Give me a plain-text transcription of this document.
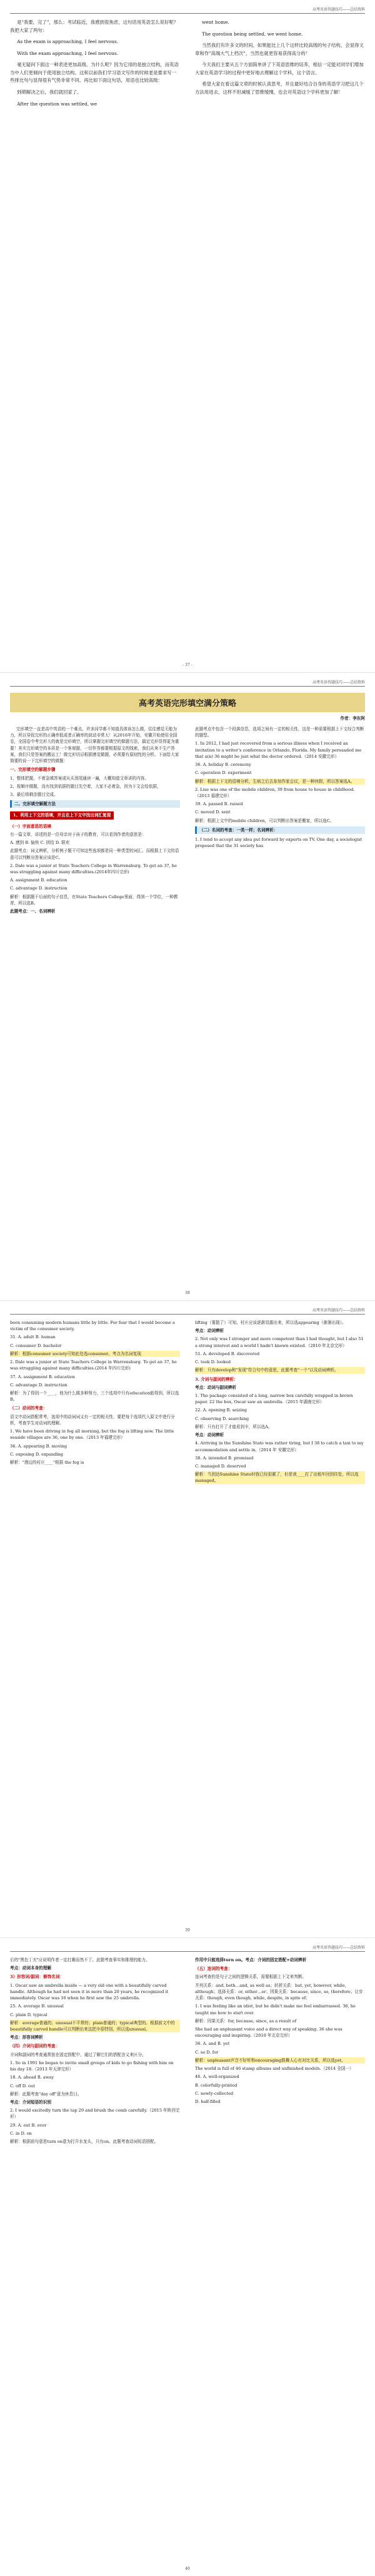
高考英语答题技巧——总结资料

是"我要，完了"，那么：考试临近，我感到很焦虑，这句话用英语怎么说好呢？我把大家了两句：

As the exam is approaching, I feel nervous.

With the exam approaching, I feel nervous.

毫无疑问下面这一种表述更加高级。为什么呢？因为它用的是独立结构，而英语当中人们更倾向于使用独立结构。这和以前我们学习语文写作的时候老是要求写一些排比句与显得很有气势非常不同。再比如下面这句话，用语也比较高级：

到期解决之后，我们就回家了。

After the question was settled, we

went home.

The question being settled, we went home.

当然我们有许多文的时间。如果能比上几个这样比较高级的句子结构，会显得文章和作"高端大气上档次"，当然也就更容易获得高分的！

今天我们主要从五个方面简单讲了下英语思维的培养，相信一定能对同学们增加大家在英语学习的过程中更好地去理解这个学科，这个语言。

希望大家在看这篇文章的时候认真思考，并且最好结合自身的英语学习把这几个方法用进去，这样不但减缓了思维缓慢，也会对英语这个学科更加了解！

- 37 -
高考英语答题技巧——总结资料
高考英语完形填空满分策略
作者：李东阿

完形填空一直是高中英语的一个难点，许多同学都不知道具体该怎么做，往往感觉无能为力，所以导致完形的正确率低或者正确率的波动非常大！从2016年开始，安徽开始使用全国卷，全国卷中考完形大的就是完形填空，所以掌握完形填空的做题方法，搞定完形显得更为重要！其实完形填空的本质是一个客观题，一切作答都要根据原文的线索，我们从来不生产答案，我们只是答案的搬运工！做完形切忌根据感觉做题，必须要有原则性的分析。下面给大家简要的说一下完形填空的做题：

一、完形填空的解题步骤

1、整体把握，不着急填答案或从头到尾通读一遍，大概知道文章讲的内容。

2、按顺序做题，没有找到依据的题目先空着，大家不必着急，因为下文会给依据，

3、最后将剩余题目完成。

二、完形填空解题方法
1、利用上下文的语境，并且在上下文中找出词汇复现
（一）字面意思的语境

有一篇文章，讲述的是一位母亲对于孩子的教育，可以看到作者的意思是：

A. 感到 B. 愉快 C. 团结 D. 联欢

此题考点：词义辨析，分析例子题干可知这些选项都是同一种类型的词汇。而根据上下文的语意可以判断出答案应该是C。

2. Dale was a junior at State Teachers College in Warrensburg. To get an 37, he was struggling against many difficulties.(2014年四川完形)

A. assignment B. education

C. advantage D. instruction

解析：根据题干后面的句子信息，在State Teachers College里面，得到一个学位，一种教育，所以选B。

此题考点：一、名词辨析

此题考点中包含一个段落信息，选项之间有一定的相关性，这是一种需要根据上下文综合判断的题型。

1. In 2012, I had just recovered from a serious illness when I received an invitation to a writer's conference in Orlando, Florida. My family persuaded me that a(n) 36 might be just what the doctor ordered.（2014 安徽完形）

36. A. holiday B. ceremony

C. operation D. experiment

解析：根据上下文的语境分析，生病之后去参加作家会议，是一种休假，所以答案选A。

2. Lise was one of the mobile children, 39 from house to house in childhood.（2013 福建完形）

39. A. passed B. raised

C. moved D. sent

解析：根据上文中的mobile children，可以判断出答案是搬家，所以选C。

（二）名词的考查：一类一样；名词辨析：

1. I tend to accept any idea put forward by experts on TV. One day, a sociologist proposed that the 31 society has

38
高考英语答题技巧——总结资料

been consuming modern humans little by little. For fear that I would become a victim of the consumer society.

31. A. adult B. human

C. consumer D. bachelor

解析：根据consumer society可知此处选consumer。考点为名词复现

2. Dale was a junior at State Teachers College in Warrensburg. To get an 37, he was struggling against many difficulties.(2014 年四川完形)

37. A. assignment B. education

C. advantage D. instruction

解析：为了得到一个____，他为什么做多种努力，三个选项中只有education能得到，所以选B。

（二）动词的考查：

语文中动词搭配常考，选项中的动词词义有一定的相关性，要把每个选项代入原文中进行分析，考查学生对动词的理解。

1. We have been driving in fog all morning, but the fog is lifting now. The little seaside villages are 36, one by one.（2013 年福建完形）

36. A. appearing B. moving

C. exposing D. expanding

解析："渔边的村庄____"根据 the fog is

lifting（雾散了）可知，村庄应该逐渐显露出来，所以选appearing（渐渐出现）。

考点：动词辨析

2. Not only was I stronger and more competent than I had thought, but I also 51 a strong interest and a world I hadn't known existed.（2010 年北京完形）

51. A. developed B. discovered

C. took D. looked

解析：只有develop和"发现"符合句中的意思，此题考查"一个"以及动词辨析。

3. 介词与副词的辨析：

考点：动词与副词辨析

1. The package consisted of a long, narrow box carefully wrapped in brown paper. 22 the box, Oscar saw an umbrella.（2015 年湖南完形）

22. A. opening B. seizing

C. observing D. searching

解析：只有打开了才能看到伞，所以选A。

考点：动词辨析

4. Arriving in the Sunshine State was rather tiring, but I 38 to catch a taxi to my accommodation and settle in.（2014 年 安徽完形）

38. A. intended B. promised

C. managed D. deserved

解析：当到达Sunshine State时我已经很累了，但是我____打了出租车回到住处，所以选managed。

39
高考英语答题技巧——总结资料

后的"黑色丁夫"应说明作者一定打趣而然不了。此题考查事实和推理的能力。

考点：动词本身的理解

3）形容词/副词：修饰名词：

1. Oscar saw an umbrella inside — a very old one with a beautifully carved handle. Although he had not seen it in more than 20 years, he recognized it immediately. Oscar was 16 when he first saw the 25 umbrella.

25. A. average B. unusual

C. plain D. typical

解析：average普通的；unusual不平常的；plain普通的；typical典型的。根据前文中的 beautifully carved handle可以判断出来这把伞很特别，所以选unusual。

考点：形容词辨析

（四）介词与副词的考查：

介词和副词的考查通常放在固定搭配中，通过了解它们的搭配含义来区分。

1. So in 1991 he began to invite small groups of kids to go fishing with him on his day 18.（2013 年天津完形）

18. A. ahead B. away

C. off D. out

解析：此题考查"day off"意为休息日。

考点：介词短语的识别

2. I would excitedly turn the tap 29 and brush the comb carefully.（2015 年陕西完形）

29. A. out B. over

C. in D. on

解析：根据前句意思turn on意为打开水龙头，只有on。此题考查动词短语搭配。

作用中只能选择turn on。考点：介词的固定搭配+动词辨析

（五）连词的考查：

连词考查的是句子之间的逻辑关系，需要根据上下文来判断。

并列关系：and, both…and, as well as；转折关系：but, yet, however, while, although；选择关系：or, either…or；因果关系：because, since, so, therefore；让步关系：though, even though, while, despite, in spite of；

1. I was feeling like an idiot, but he didn't make me feel embarrassed. 36, he taught me how to start over.

解析：因果关系：for, because, since, as a result of

She had an unpleasant voice and a direct way of speaking. 36 she was encouraging and inspiring.（2010 年北京完形）

36. A. and B. yet

C. so D. for

解析：unpleasant声音不好听和encouraging鼓舞人心有对比关系，所以选yet。

The world is full of 46 stamp albums and unfinished models.（2014 全国一）

46. A. well-organized

B. colorfully-printed

C. newly-collected

D. half-filled

40
